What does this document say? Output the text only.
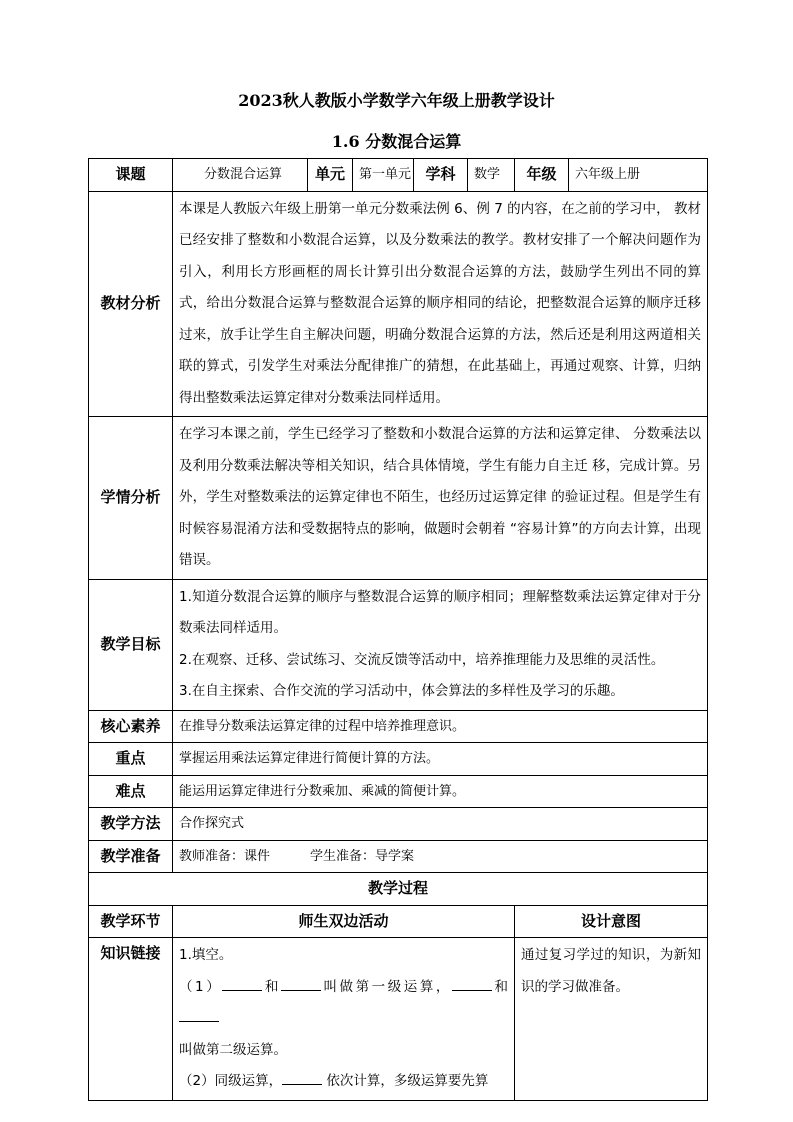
2023秋人教版小学数学六年级上册教学设计
1.6 分数混合运算
课题	分数混合运算	单元	第一单元	学科	数学	年级	六年级上册
教材分析	本课是人教版六年级上册第一单元分数乘法例 6、例 7 的内容，在之前的学习中， 教材已经安排了整数和小数混合运算，以及分数乘法的教学。教材安排了一个解决问题作为引入，利用长方形画框的周长计算引出分数混合运算的方法，鼓励学生列出不同的算式，给出分数混合运算与整数混合运算的顺序相同的结论，把整数混合运算的顺序迁移过来，放手让学生自主解决问题，明确分数混合运算的方法，然后还是利用这两道相关联的算式，引发学生对乘法分配律推广的猜想，在此基础上，再通过观察、计算，归纳得出整数乘法运算定律对分数乘法同样适用。						
学情分析	在学习本课之前，学生已经学习了整数和小数混合运算的方法和运算定律、 分数乘法以及利用分数乘法解决等相关知识，结合具体情境，学生有能力自主迁 移，完成计算。另外，学生对整数乘法的运算定律也不陌生，也经历过运算定律 的验证过程。但是学生有时候容易混淆方法和受数据特点的影响，做题时会朝着 “容易计算”的方向去计算，出现错误。						
教学目标	1.知道分数混合运算的顺序与整数混合运算的顺序相同；理解整数乘法运算定律对于分数乘法同样适用。

2.在观察、迁移、尝试练习、交流反馈等活动中，培养推理能力及思维的灵活性。

3.在自主探索、合作交流的学习活动中，体会算法的多样性及学习的乐趣。						

核心素养	在推导分数乘法运算定律的过程中培养推理意识。						
重点	掌握运用乘法运算定律进行简便计算的方法。						
难点	能运用运算定律进行分数乘加、乘减的简便计算。						
教学方法	合作探究式						
教学准备	教师准备：课件 学生准备：导学案						
教学过程							
教学环节	师生双边活动					设计意图	
知识链接	1.填空。

（1） 和 叫做第一级运算， 和

叫做第二级运算。

（2）同级运算， 依次计算，多级运算要先算					通过复习学过的知识，为新知识的学习做准备。	
